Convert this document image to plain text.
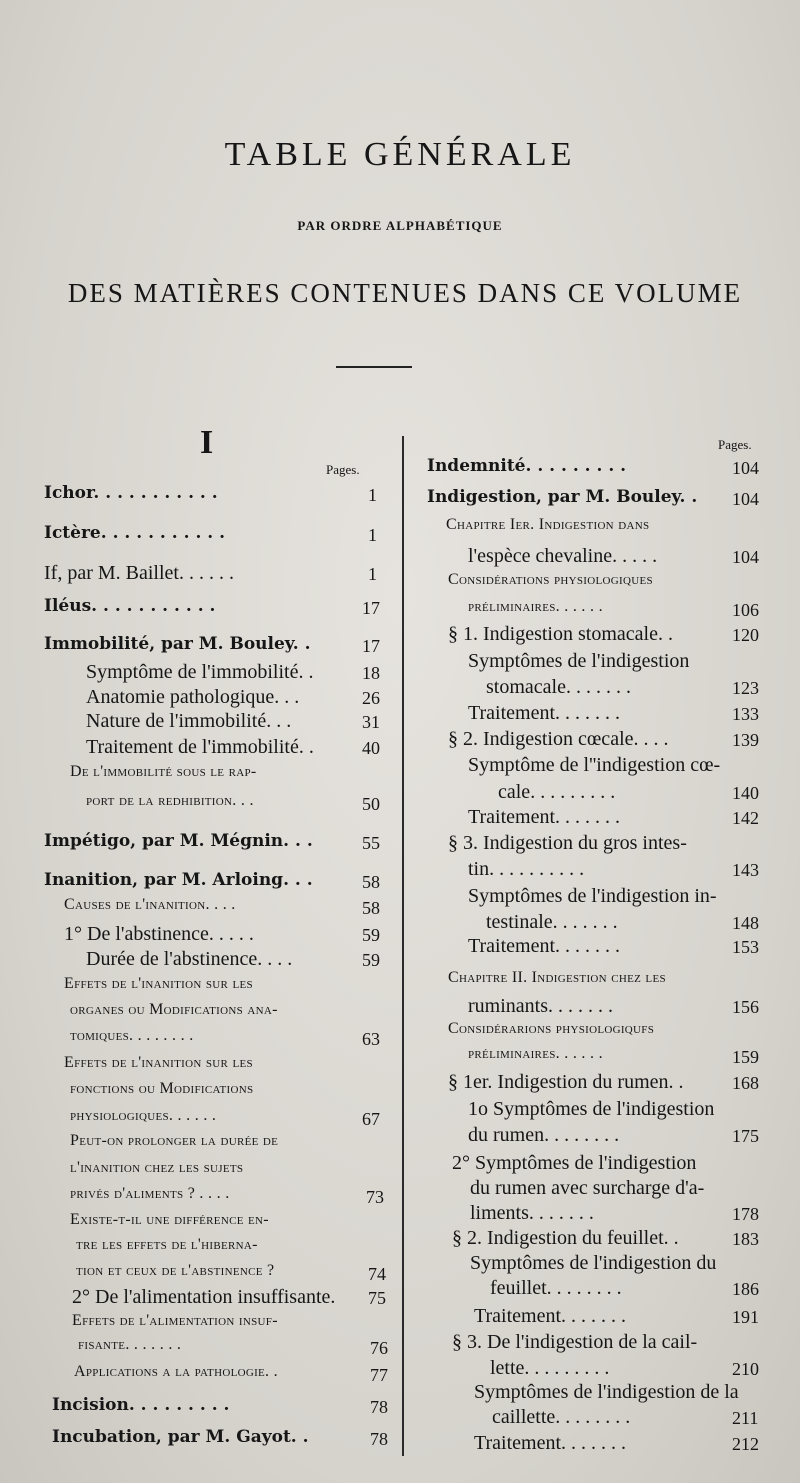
TABLE GÉNÉRALE
PAR ORDRE ALPHABÉTIQUE
DES MATIÈRES CONTENUES DANS CE VOLUME
I
Pages.
Pages.
Ichor. . . . . . . . . . .	1
Ictère. . . . . . . . . . .	1
If, par M. Baillet. . . . . .	1
Iléus. . . . . . . . . . .	17
Immobilité, par M. Bouley. .	17
Symptôme de l'immobilité. .	18
Anatomie pathologique. . .	26
Nature de l'immobilité. . .	31
Traitement de l'immobilité. .	40
De l'immobilité sous le rap-
port de la redhibition. . .	50
Impétigo, par M. Mégnin. . .	55
Inanition, par M. Arloing. . .	58
Causes de l'inanition. . . .	58
1° De l'abstinence. . . . .	59
Durée de l'abstinence. . . .	59
Effets de l'inanition sur les
organes ou Modifications ana-
tomiques. . . . . . . .	63
Effets de l'inanition sur les
fonctions ou Modifications
physiologiques. . . . . .	67
Peut-on prolonger la durée de
l'inanition chez les sujets
privés d'aliments ? . . . .	73
Existe-t-il une différence en-
tre les effets de l'hiberna-
tion et ceux de l'abstinence ?	74
2° De l'alimentation insuffisante. 75
Effets de l'alimentation insuf-
fisante. . . . . . .	76
Applications a la pathologie. .	77
Incision. . . . . . . . .	78
Incubation, par M. Gayot. .	78
Indemnité. . . . . . . . .	104
Indigestion, par M. Bouley. . 104
Chapitre Ier. Indigestion dans
l'espèce chevaline. . . . .	104
Considérations physiologiques
préliminaires. . . . . .	106
§ 1. Indigestion stomacale. .	120
Symptômes de l'indigestion
stomacale. . . . . . .	123
Traitement. . . . . . .	133
§ 2. Indigestion cœcale. . . .	139
Symptôme de l''indigestion cœ-
cale. . . . . . . . .	140
Traitement. . . . . . .	142
§ 3. Indigestion du gros intes-
tin. . . . . . . . . .	143
Symptômes de l'indigestion in-
testinale. . . . . . .	148
Traitement. . . . . . .	153
Chapitre II. Indigestion chez les
ruminants. . . . . . .	156
Considérarions physiologiqufs
préliminaires. . . . . .	159
§ 1er. Indigestion du rumen. .	168
1o Symptômes de l'indigestion
du rumen. . . . . . . .	175
2° Symptômes de l'indigestion
du rumen avec surcharge d'a-
liments. . . . . . .	178
§ 2. Indigestion du feuillet. .	183
Symptômes de l'indigestion du
feuillet. . . . . . . .	186
Traitement. . . . . . .	191
§ 3. De l'indigestion de la cail-
lette. . . . . . . . .	210
Symptômes de l'indigestion de la
caillette. . . . . . . .	211
Traitement. . . . . . .	212
